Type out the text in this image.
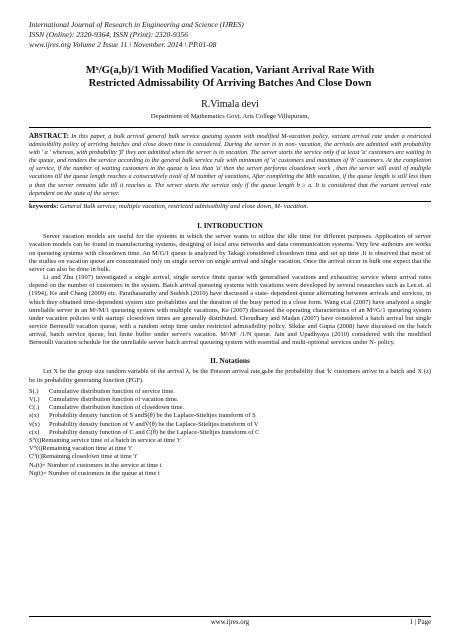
International Journal of Research in Engineering and Science (IJRES)
ISSN (Online): 2320-9364, ISSN (Print): 2320-9356
www.ijres.org Volume 2 Issue 11 \ November. 2014 \ PP.01-08
Mˣ/G(a,b)/1 With Modified Vacation, Variant Arrival Rate With
Restricted Admissability Of Arriving Batches And Close Down
R.Vimala devi
Department of Mathematics Govt. Arts College Villupuram,
ABSTRACT: In this paper, a bulk arrival general bulk service queuing system with modified M-vacation policy, variant arrival rate under a restricted admissibility policy of arriving batches and close down time is considered. During the server is in non- vacation, the arrivals are admitted with probability with ' α ' whereas, with probability 'β' they are admitted when the server is in vacation. The server starts the service only if at least 'a' customers are waiting in the queue, and renders the service according to the general bulk service rule with minimum of 'a' customers and maximum of 'b' customers. At the completion of service, if the number of waiting customers in the queue is less than 'a' then the server performs closedown work , then the server will avail of multiple vacations till the queue length reaches a consecutively avail of M number of vacations, After completing the Mth vacation, if the queue length is still less than a then the server remains idle till it reaches a. The server starts the service only if the queue length b ≥ a. It is considered that the variant arrival rate dependent on the state of the server.
keywords: General Bulk service, multiple vacation, restricted admissibility and close down, M- vacation.
I. INTRODUCTION

Server vacation models are useful for the systems in which the server wants to utilize the idle time for different purposes. Application of server vacation models can be found in manufacturing systems, designing of local area networks and data communication systems. Very few authours are works on queueing systems with closedown time. An M/G/1 queue is analyzed by Takagi considered closedown time and set up time .It is observed that most of the studies on vacation queue are concentrated only on single server on single arrival and single vacation. Once the arrival occur in bulk one expect that the server can also be done in bulk.

Li and Zhu (1997) investigated a single arrival, single service finite queue with generalised vacations and exhaustive service where arrival rates depend on the number of customers in the system. Batch arrival queueing systems with vacations were developed by several researches such as Lee.et. al (1994), Ke and Chang (2009) etc. Parathasarathy and Sudesh (2010) have discussed a state- dependent queue alternating between arrivals and services, in which they obtained time-dependent system size probablities and the duration of the busy period in a close form. Wang et.al (2007) have analyzed a single unreliable server in an Mˣ/M/1 queueing system with multiple vacations, Ke (2007) discussed the operating characteristics of an Mˣ/G/1 queueing system under vacation policies with startup/ closedown times are generally distributed. Choudhary and Madan (2007) have considered a batch arrival but single service Bernoulli vacation queue, with a random setup time under restricted admissibility policy. Sikdar and Gupta (2008) have discussed on the batch arrival, batch service queue, but finite buffer under server's vacation. Mˣ/Mʸ /1/N queue. Jain and Upadhyaya (2010) considered with the modified Bernoulli vacation schedule for the unreliable server batch arrival queueing system with essential and multi-optional services under N- policy.

II. Notations

Let X be the group size random variable of the arrival λ, be the Poisson arrival rate,gₖbe the probability that 'k' customers arrive in a batch and X (z) be its probability generating function (PGF).

S(.)	Cumulative distribution function of service time.
V(.)	Cumulative distribution function of vacation time.
C(.)	Cumulative distribution function of closedown time.
s(x)	Probability density function of S andS̃(θ) be the Laplace-Stieltjes transform of S
v(x)	Probability density function of V andṼ(θ) be the Laplace-Stieltjes transform of V
c(x)	Probability density function of C and C̃(θ) be the Laplace-Stieltjes transform of C
S⁰(t)Remaining service time of a batch in service at time 't'
V⁰(t)Remaining vacation time at time 't'
C⁰(t)Remaining closedown time at time 't'
Nₛ(t)= Number of customers in the service at time t
Nq(t)= Number of customers in the queue at time t
www.ijres.org	1 | Page
